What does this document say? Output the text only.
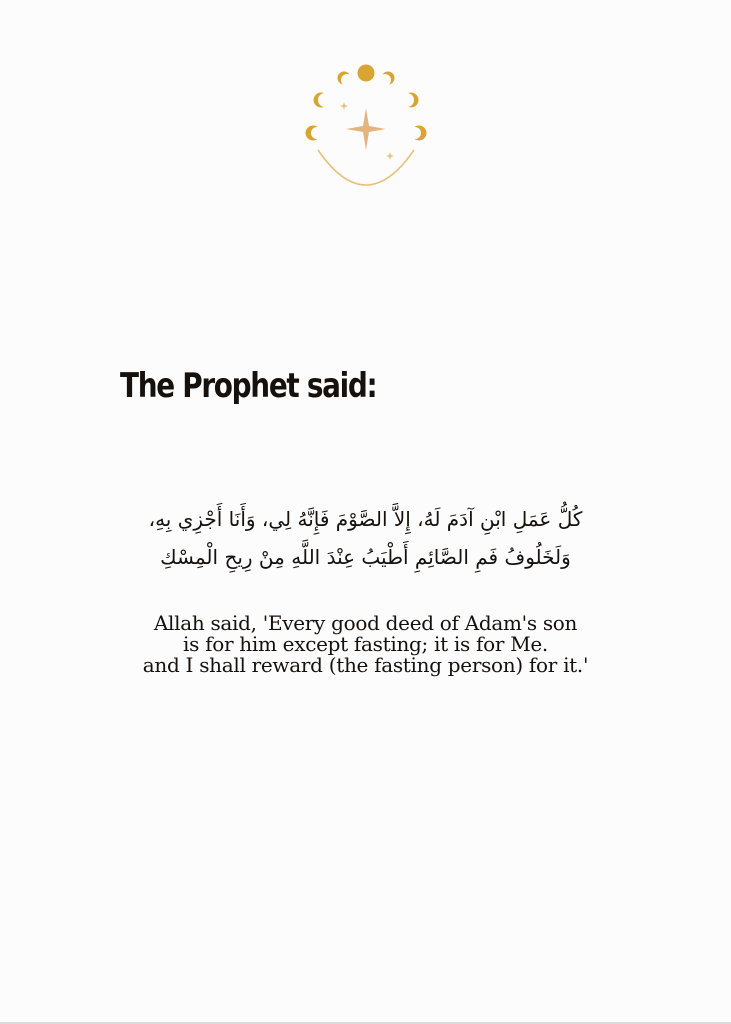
The Prophet said:
كُلُّ عَمَلِ ابْنِ آدَمَ لَهُ، إِلاَّ الصَّوْمَ فَإِنَّهُ لِي، وَأَنَا أَجْزِي بِهِ،
وَلَخَلُوفُ فَمِ الصَّائِمِ أَطْيَبُ عِنْدَ اللَّهِ مِنْ رِيحِ الْمِسْكِ
Allah said, 'Every good deed of Adam's son
is for him except fasting; it is for Me.
and I shall reward (the fasting person) for it.'
